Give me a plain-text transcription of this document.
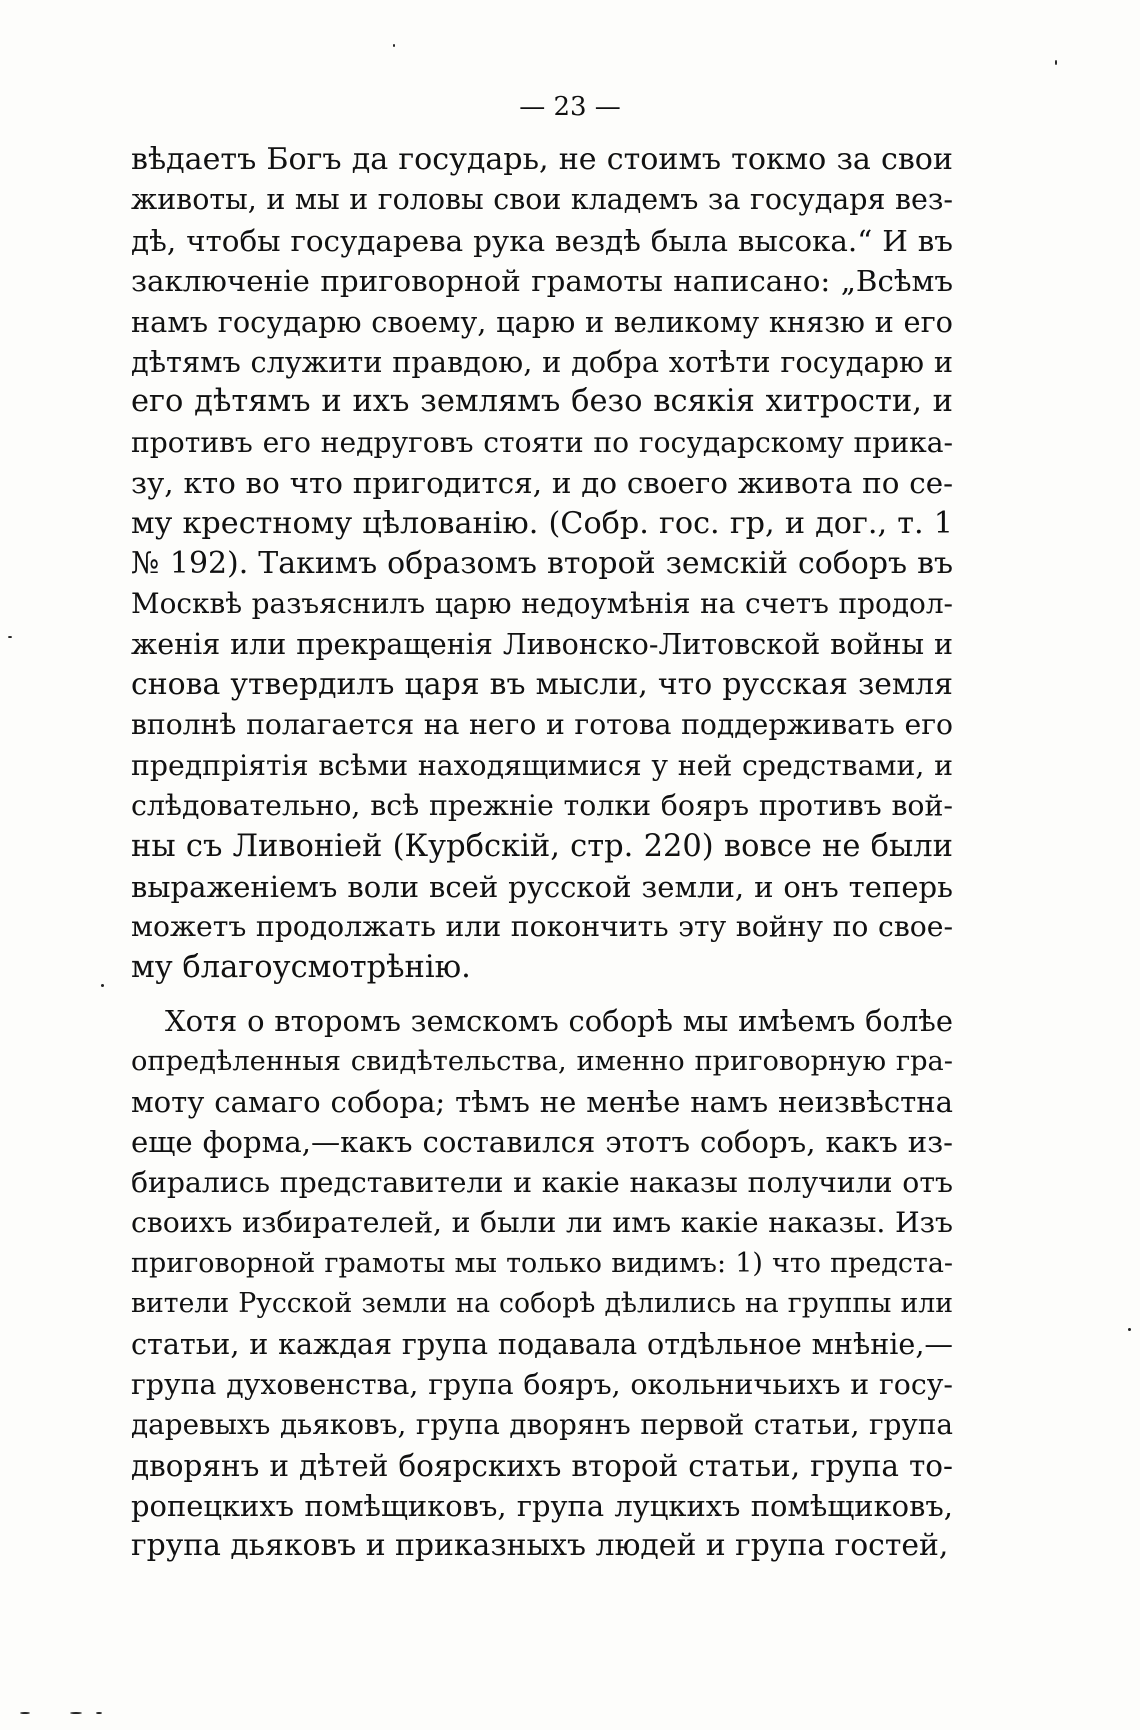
— 23 —
вѣдаетъ Богъ да государь, не стоимъ токмо за свои
животы, и мы и головы свои кладемъ за государя вез-
дѣ, чтобы государева рука вездѣ была высока.“ И въ
заключеніе приговорной грамоты написано: „Всѣмъ
намъ государю своему, царю и великому князю и его
дѣтямъ служити правдою, и добра хотѣти государю и
его дѣтямъ и ихъ землямъ безо всякія хитрости, и
противъ его недруговъ стояти по государскому прика-
зу, кто во что пригодится, и до своего живота по се-
му крестному цѣлованію. (Собр. гос. гр, и дог., т. 1
№ 192). Такимъ образомъ второй земскій соборъ въ
Москвѣ разъяснилъ царю недоумѣнія на счетъ продол-
женія или прекращенія Ливонско-Литовской войны и
снова утвердилъ царя въ мысли, что русская земля
вполнѣ полагается на него и готова поддерживать его
предпріятія всѣми находящимися у ней средствами, и
слѣдовательно, всѣ прежніе толки бояръ противъ вой-
ны съ Ливоніей (Курбскій, стр. 220) вовсе не были
выраженіемъ воли всей русской земли, и онъ теперь
можетъ продолжать или покончить эту войну по свое-
му благоусмотрѣнію.
Хотя о второмъ земскомъ соборѣ мы имѣемъ болѣе
опредѣленныя свидѣтельства, именно приговорную гра-
моту самаго собора; тѣмъ не менѣе намъ неизвѣстна
еще форма,—какъ составился этотъ соборъ, какъ из-
бирались представители и какіе наказы получили отъ
своихъ избирателей, и были ли имъ какіе наказы. Изъ
приговорной грамоты мы только видимъ: 1) что предста-
вители Русской земли на соборѣ дѣлились на группы или
статьи, и каждая група подавала отдѣльное мнѣніе,—
група духовенства, група бояръ, окольничьихъ и госу-
даревыхъ дьяковъ, група дворянъ первой статьи, група
дворянъ и дѣтей боярскихъ второй статьи, група то-
ропецкихъ помѣщиковъ, група луцкихъ помѣщиковъ,
група дьяковъ и приказныхъ людей и група гостей,
